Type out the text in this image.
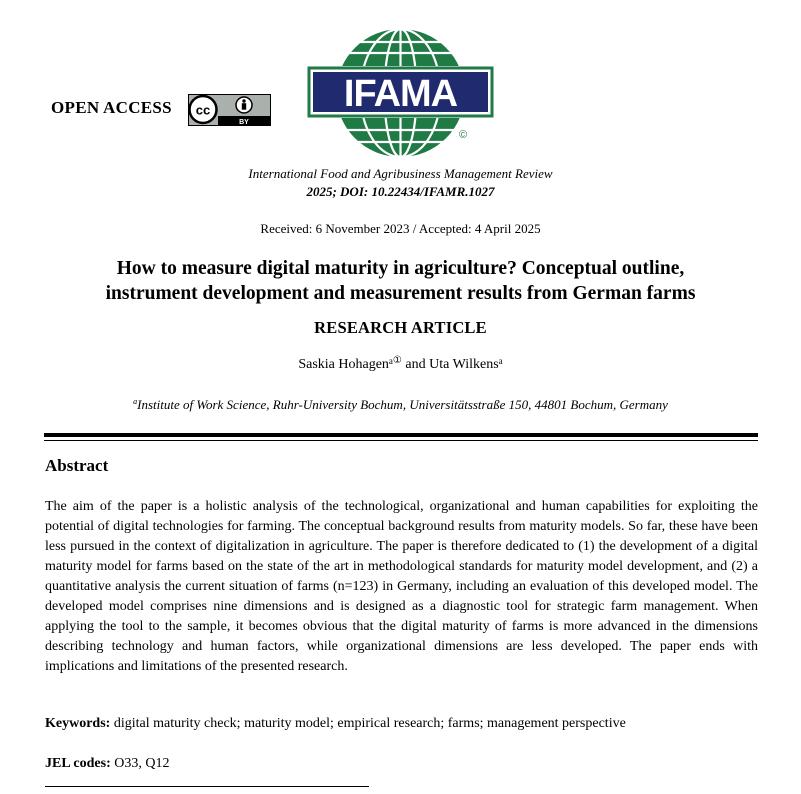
OPEN ACCESS cc
BY
IFAMA
©
International Food and Agribusiness Management Review
2025; DOI: 10.22434/IFAMR.1027
Received: 6 November 2023 / Accepted: 4 April 2025
How to measure digital maturity in agriculture? Conceptual outline,
instrument development and measurement results from German farms
RESEARCH ARTICLE
Saskia Hohagen$^a$① and Uta Wilkens$^a$
$^a$Institute of Work Science, Ruhr-University Bochum, Universitätsstraße 150, 44801 Bochum, Germany
Abstract
The aim of the paper is a holistic analysis of the technological, organizational and human capabilities for exploiting the potential of digital technologies for farming. The conceptual background results from maturity models. So far, these have been less pursued in the context of digitalization in agriculture. The paper is therefore dedicated to (1) the development of a digital maturity model for farms based on the state of the art in methodological standards for maturity model development, and (2) a quantitative analysis the current situation of farms (n=123) in Germany, including an evaluation of this developed model. The developed model comprises nine dimensions and is designed as a diagnostic tool for strategic farm management. When applying the tool to the sample, it becomes obvious that the digital maturity of farms is more advanced in the dimensions describing technology and human factors, while organizational dimensions are less developed. The paper ends with implications and limitations of the presented research.
Keywords: digital maturity check; maturity model; empirical research; farms; management perspective
JEL codes: O33, Q12
